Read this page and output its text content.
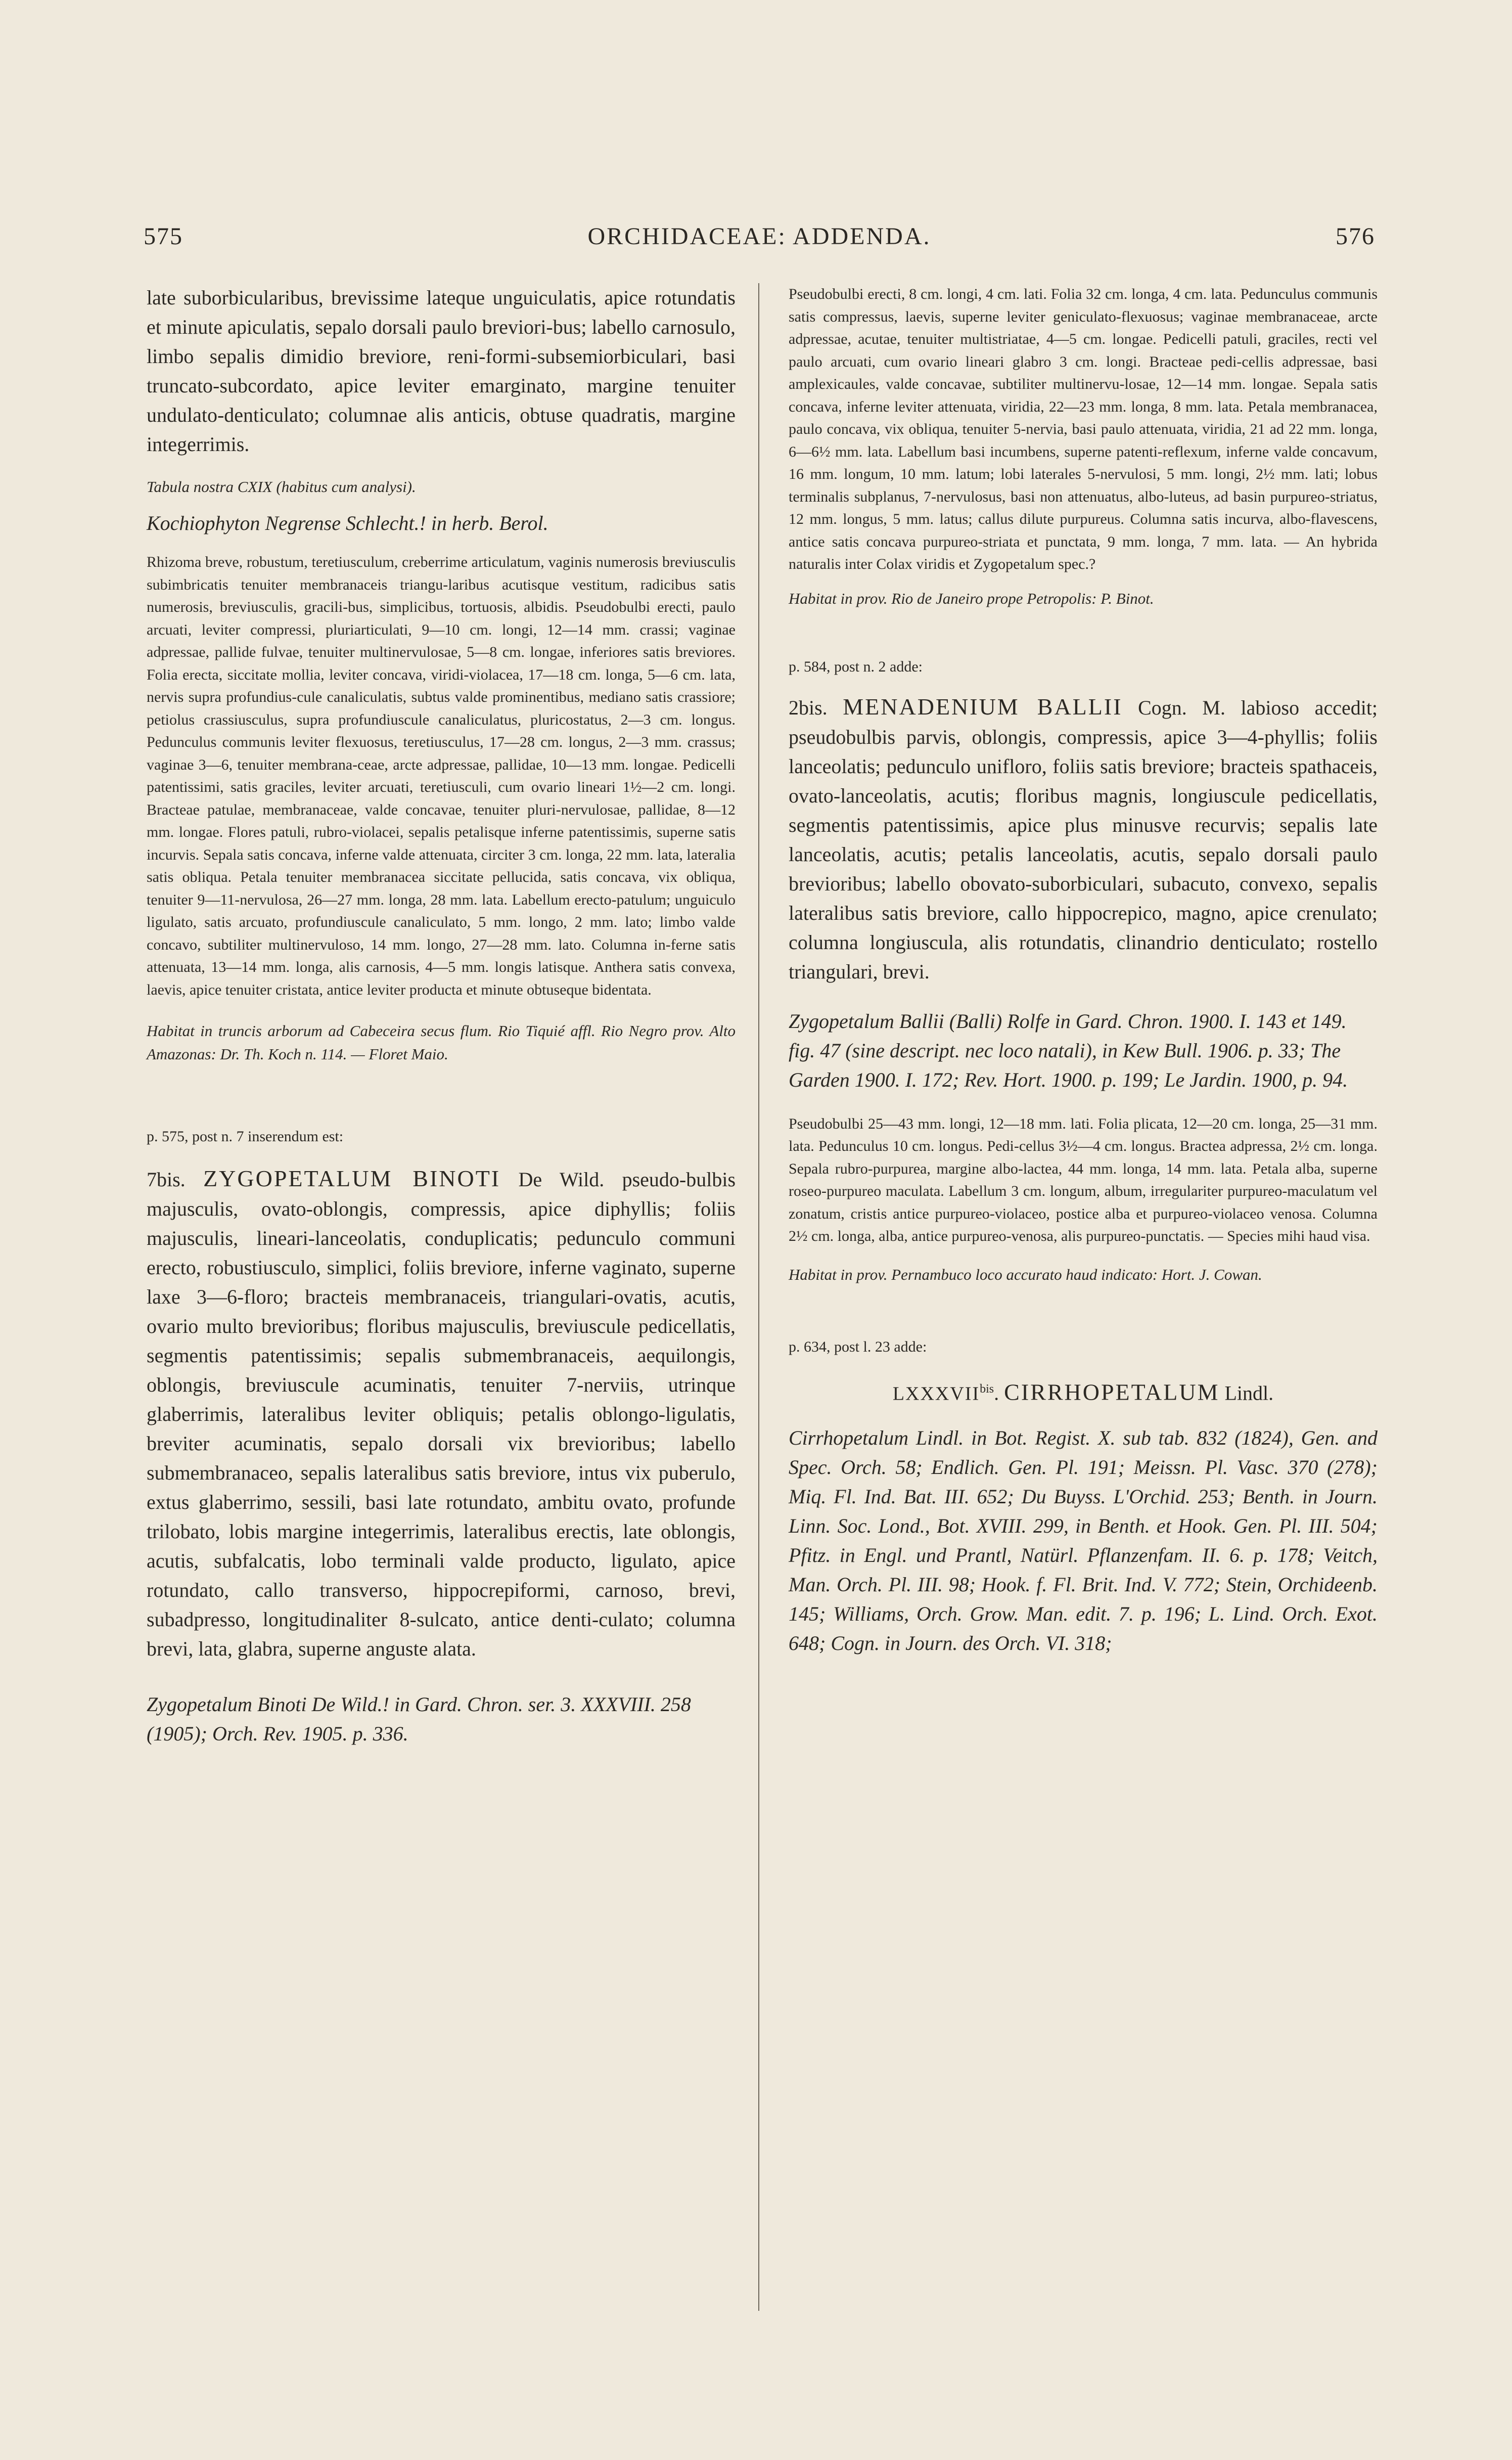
575	ORCHIDACEAE: ADDENDA.	576

late suborbicularibus, brevissime lateque unguiculatis, apice rotundatis et minute apiculatis, sepalo dorsali paulo breviori-bus; labello carnosulo, limbo sepalis dimidio breviore, reni-formi-subsemiorbiculari, basi truncato-subcordato, apice leviter emarginato, margine tenuiter undulato-denticulato; columnae alis anticis, obtuse quadratis, margine integerrimis.

Tabula nostra CXIX (habitus cum analysi).

Kochiophyton Negrense Schlecht.! in herb. Berol.

Rhizoma breve, robustum, teretiusculum, creberrime articulatum, vaginis numerosis breviusculis subimbricatis tenuiter membranaceis triangu-laribus acutisque vestitum, radicibus satis numerosis, breviusculis, gracili-bus, simplicibus, tortuosis, albidis. Pseudobulbi erecti, paulo arcuati, leviter compressi, pluriarticulati, 9—10 cm. longi, 12—14 mm. crassi; vaginae adpressae, pallide fulvae, tenuiter multinervulosae, 5—8 cm. longae, inferiores satis breviores. Folia erecta, siccitate mollia, leviter concava, viridi-violacea, 17—18 cm. longa, 5—6 cm. lata, nervis supra profundius-cule canaliculatis, subtus valde prominentibus, mediano satis crassiore; petiolus crassiusculus, supra profundiuscule canaliculatus, pluricostatus, 2—3 cm. longus. Pedunculus communis leviter flexuosus, teretiusculus, 17—28 cm. longus, 2—3 mm. crassus; vaginae 3—6, tenuiter membrana-ceae, arcte adpressae, pallidae, 10—13 mm. longae. Pedicelli patentissimi, satis graciles, leviter arcuati, teretiusculi, cum ovario lineari 1½—2 cm. longi. Bracteae patulae, membranaceae, valde concavae, tenuiter pluri-nervulosae, pallidae, 8—12 mm. longae. Flores patuli, rubro-violacei, sepalis petalisque inferne patentissimis, superne satis incurvis. Sepala satis concava, inferne valde attenuata, circiter 3 cm. longa, 22 mm. lata, lateralia satis obliqua. Petala tenuiter membranacea siccitate pellucida, satis concava, vix obliqua, tenuiter 9—11-nervulosa, 26—27 mm. longa, 28 mm. lata. Labellum erecto-patulum; unguiculo ligulato, satis arcuato, profundiuscule canaliculato, 5 mm. longo, 2 mm. lato; limbo valde concavo, subtiliter multinervuloso, 14 mm. longo, 27—28 mm. lato. Columna in-ferne satis attenuata, 13—14 mm. longa, alis carnosis, 4—5 mm. longis latisque. Anthera satis convexa, laevis, apice tenuiter cristata, antice leviter producta et minute obtuseque bidentata.

Habitat in truncis arborum ad Cabeceira secus flum. Rio Tiquié affl. Rio Negro prov. Alto Amazonas: Dr. Th. Koch n. 114. — Floret Maio.

p. 575, post n. 7 inserendum est:

7bis. ZYGOPETALUM BINOTI De Wild. pseudo-bulbis majusculis, ovato-oblongis, compressis, apice diphyllis; foliis majusculis, lineari-lanceolatis, conduplicatis; pedunculo communi erecto, robustiusculo, simplici, foliis breviore, inferne vaginato, superne laxe 3—6-floro; bracteis membranaceis, triangulari-ovatis, acutis, ovario multo brevioribus; floribus majusculis, breviuscule pedicellatis, segmentis patentissimis; sepalis submembranaceis, aequilongis, oblongis, breviuscule acuminatis, tenuiter 7-nerviis, utrinque glaberrimis, lateralibus leviter obliquis; petalis oblongo-ligulatis, breviter acuminatis, sepalo dorsali vix brevioribus; labello submembranaceo, sepalis lateralibus satis breviore, intus vix puberulo, extus glaberrimo, sessili, basi late rotundato, ambitu ovato, profunde trilobato, lobis margine integerrimis, lateralibus erectis, late oblongis, acutis, subfalcatis, lobo terminali valde producto, ligulato, apice rotundato, callo transverso, hippocrepiformi, carnoso, brevi, subadpresso, longitudinaliter 8-sulcato, antice denti-culato; columna brevi, lata, glabra, superne anguste alata.

Zygopetalum Binoti De Wild.! in Gard. Chron. ser. 3. XXXVIII. 258 (1905); Orch. Rev. 1905. p. 336.

Pseudobulbi erecti, 8 cm. longi, 4 cm. lati. Folia 32 cm. longa, 4 cm. lata. Pedunculus communis satis compressus, laevis, superne leviter geniculato-flexuosus; vaginae membranaceae, arcte adpressae, acutae, tenuiter multistriatae, 4—5 cm. longae. Pedicelli patuli, graciles, recti vel paulo arcuati, cum ovario lineari glabro 3 cm. longi. Bracteae pedi-cellis adpressae, basi amplexicaules, valde concavae, subtiliter multinervu-losae, 12—14 mm. longae. Sepala satis concava, inferne leviter attenuata, viridia, 22—23 mm. longa, 8 mm. lata. Petala membranacea, paulo concava, vix obliqua, tenuiter 5-nervia, basi paulo attenuata, viridia, 21 ad 22 mm. longa, 6—6½ mm. lata. Labellum basi incumbens, superne patenti-reflexum, inferne valde concavum, 16 mm. longum, 10 mm. latum; lobi laterales 5-nervulosi, 5 mm. longi, 2½ mm. lati; lobus terminalis subplanus, 7-nervulosus, basi non attenuatus, albo-luteus, ad basin purpureo-striatus, 12 mm. longus, 5 mm. latus; callus dilute purpureus. Columna satis incurva, albo-flavescens, antice satis concava purpureo-striata et punctata, 9 mm. longa, 7 mm. lata. — An hybrida naturalis inter Colax viridis et Zygopetalum spec.?

Habitat in prov. Rio de Janeiro prope Petropolis: P. Binot.

p. 584, post n. 2 adde:

2bis. MENADENIUM BALLII Cogn. M. labioso accedit; pseudobulbis parvis, oblongis, compressis, apice 3—4-phyllis; foliis lanceolatis; pedunculo unifloro, foliis satis breviore; bracteis spathaceis, ovato-lanceolatis, acutis; floribus magnis, longiuscule pedicellatis, segmentis patentissimis, apice plus minusve recurvis; sepalis late lanceolatis, acutis; petalis lanceolatis, acutis, sepalo dorsali paulo brevioribus; labello obovato-suborbiculari, subacuto, convexo, sepalis lateralibus satis breviore, callo hippocrepico, magno, apice crenulato; columna longiuscula, alis rotundatis, clinandrio denticulato; rostello triangulari, brevi.

Zygopetalum Ballii (Balli) Rolfe in Gard. Chron. 1900. I. 143 et 149. fig. 47 (sine descript. nec loco natali), in Kew Bull. 1906. p. 33; The Garden 1900. I. 172; Rev. Hort. 1900. p. 199; Le Jardin. 1900, p. 94.

Pseudobulbi 25—43 mm. longi, 12—18 mm. lati. Folia plicata, 12—20 cm. longa, 25—31 mm. lata. Pedunculus 10 cm. longus. Pedi-cellus 3½—4 cm. longus. Bractea adpressa, 2½ cm. longa. Sepala rubro-purpurea, margine albo-lactea, 44 mm. longa, 14 mm. lata. Petala alba, superne roseo-purpureo maculata. Labellum 3 cm. longum, album, irregulariter purpureo-maculatum vel zonatum, cristis antice purpureo-violaceo, postice alba et purpureo-violaceo venosa. Columna 2½ cm. longa, alba, antice purpureo-venosa, alis purpureo-punctatis. — Species mihi haud visa.

Habitat in prov. Pernambuco loco accurato haud indicato: Hort. J. Cowan.

p. 634, post l. 23 adde:

$LXXXVII^{bis}$. CIRRHOPETALUM Lindl.

Cirrhopetalum Lindl. in Bot. Regist. X. sub tab. 832 (1824), Gen. and Spec. Orch. 58; Endlich. Gen. Pl. 191; Meissn. Pl. Vasc. 370 (278); Miq. Fl. Ind. Bat. III. 652; Du Buyss. L'Orchid. 253; Benth. in Journ. Linn. Soc. Lond., Bot. XVIII. 299, in Benth. et Hook. Gen. Pl. III. 504; Pfitz. in Engl. und Prantl, Natürl. Pflanzenfam. II. 6. p. 178; Veitch, Man. Orch. Pl. III. 98; Hook. f. Fl. Brit. Ind. V. 772; Stein, Orchideenb. 145; Williams, Orch. Grow. Man. edit. 7. p. 196; L. Lind. Orch. Exot. 648; Cogn. in Journ. des Orch. VI. 318;
